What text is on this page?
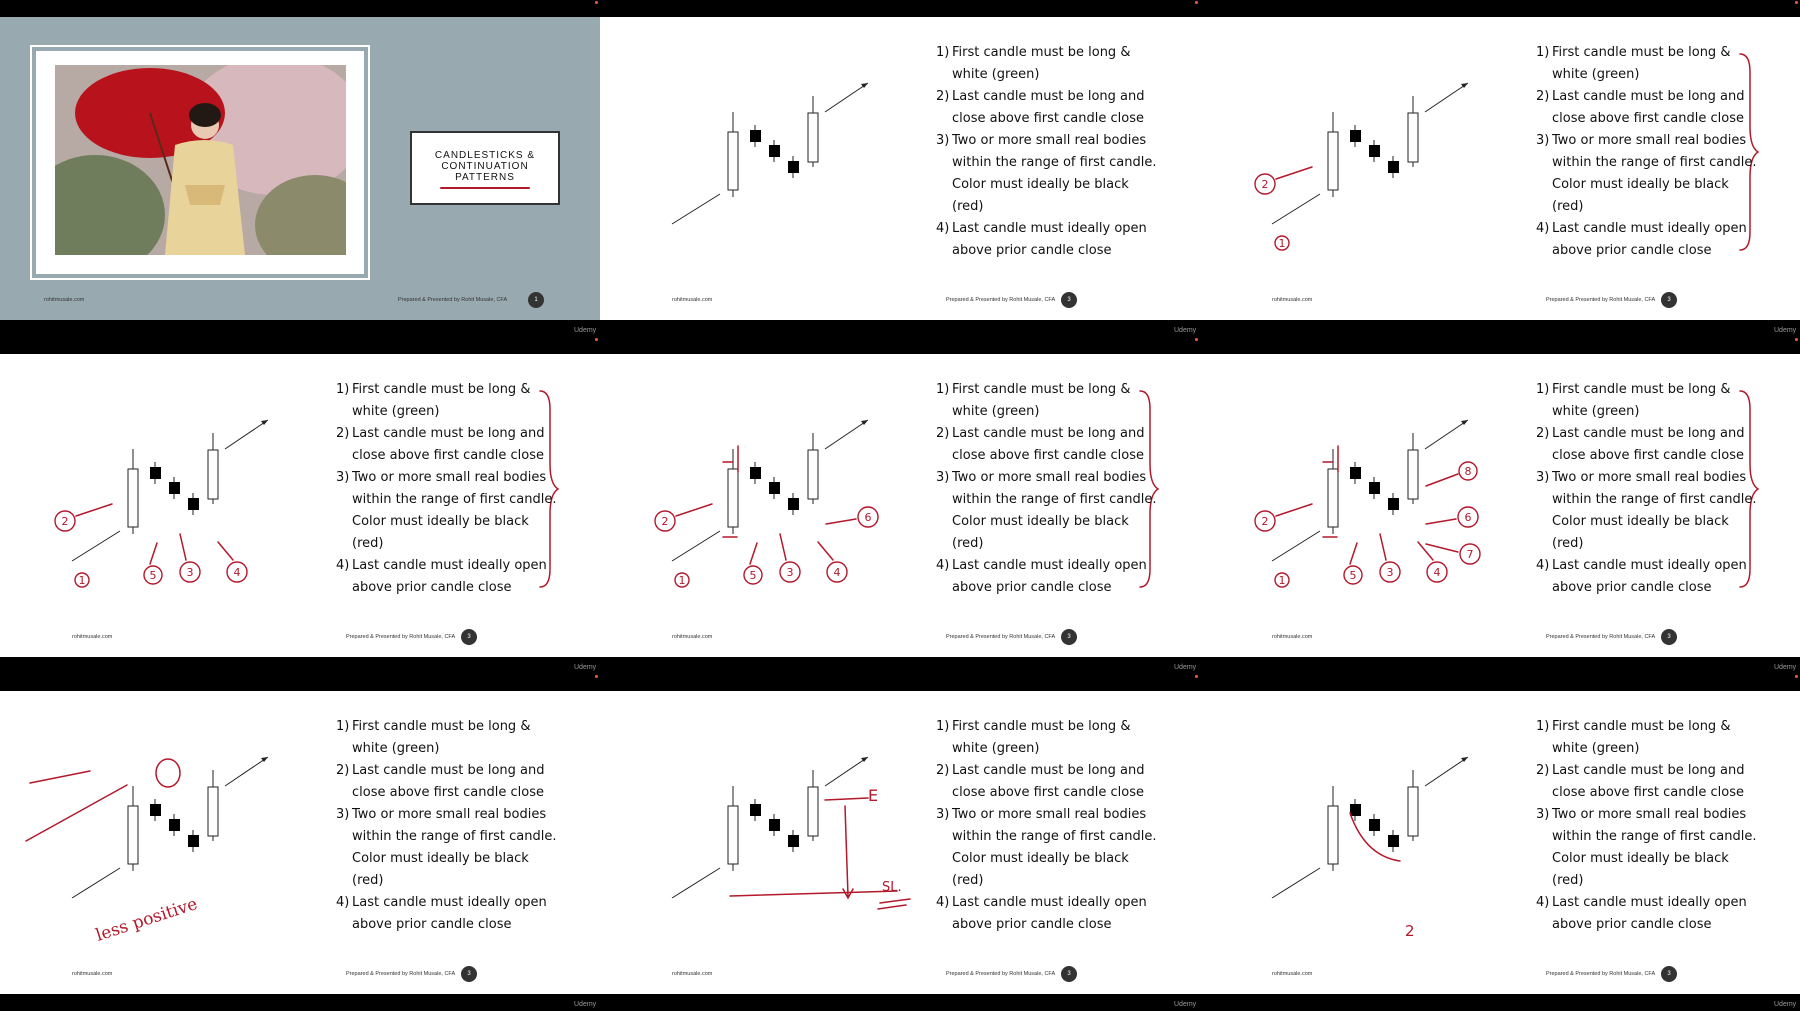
CANDLESTICKS &
CONTINUATION
PATTERNS
rohitmusale.com	Prepared & Presented by Rohit Musale, CFA	1
Udemy
1) First candle must be long &
white (green)
2) Last candle must be long and
close above first candle close
3) Two or more small real bodies
within the range of first candle.
Color must ideally be black
(red)
4) Last candle must ideally open
above prior candle close
rohitmusale.com	Prepared & Presented by Rohit Musale, CFA	3
Udemy
1
2
1) First candle must be long &
white (green)
2) Last candle must be long and
close above first candle close
3) Two or more small real bodies
within the range of first candle.
Color must ideally be black
(red)
4) Last candle must ideally open
above prior candle close
rohitmusale.com	Prepared & Presented by Rohit Musale, CFA	3
Udemy
1
2
5	3	4
1) First candle must be long &
white (green)
2) Last candle must be long and
close above first candle close
3) Two or more small real bodies
within the range of first candle.
Color must ideally be black
(red)
4) Last candle must ideally open
above prior candle close
rohitmusale.com	Prepared & Presented by Rohit Musale, CFA	3
Udemy
1
2
5	3	4
6
1) First candle must be long &
white (green)
2) Last candle must be long and
close above first candle close
3) Two or more small real bodies
within the range of first candle.
Color must ideally be black
(red)
4) Last candle must ideally open
above prior candle close
rohitmusale.com	Prepared & Presented by Rohit Musale, CFA	3
Udemy
1
2
5	3	4
6
7
8
1) First candle must be long &
white (green)
2) Last candle must be long and
close above first candle close
3) Two or more small real bodies
within the range of first candle.
Color must ideally be black
(red)
4) Last candle must ideally open
above prior candle close
rohitmusale.com	Prepared & Presented by Rohit Musale, CFA	3
Udemy
less positive
1) First candle must be long &
white (green)
2) Last candle must be long and
close above first candle close
3) Two or more small real bodies
within the range of first candle.
Color must ideally be black
(red)
4) Last candle must ideally open
above prior candle close
rohitmusale.com	Prepared & Presented by Rohit Musale, CFA	3
Udemy
E
SL.
1) First candle must be long &
white (green)
2) Last candle must be long and
close above first candle close
3) Two or more small real bodies
within the range of first candle.
Color must ideally be black
(red)
4) Last candle must ideally open
above prior candle close
rohitmusale.com	Prepared & Presented by Rohit Musale, CFA	3
Udemy
2
1) First candle must be long &
white (green)
2) Last candle must be long and
close above first candle close
3) Two or more small real bodies
within the range of first candle.
Color must ideally be black
(red)
4) Last candle must ideally open
above prior candle close
rohitmusale.com	Prepared & Presented by Rohit Musale, CFA	3
Udemy
